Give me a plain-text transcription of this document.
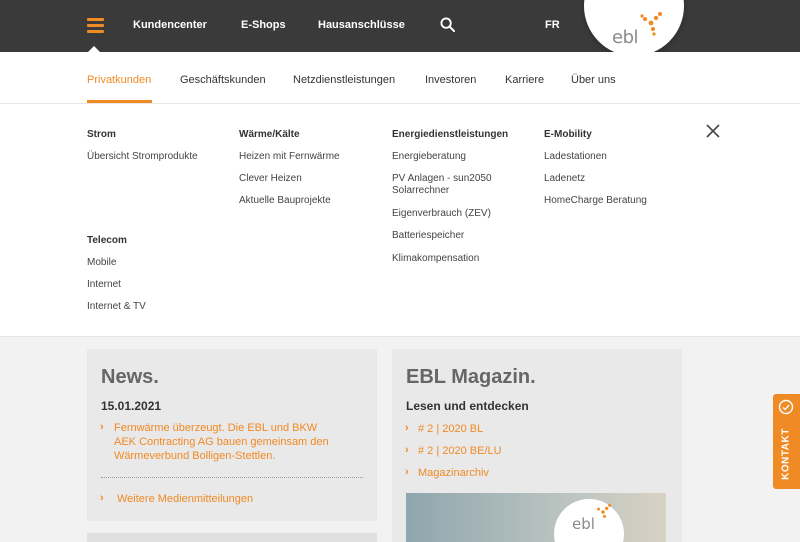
Kundencenter	E-Shops	Hausanschlüsse	FR
ebl
Privatkunden	Geschäftskunden Netzdienstleistungen	Investoren	Karriere Über uns
Strom
Übersicht Stromprodukte
Telecom
Mobile
Internet
Internet & TV
Wärme/Kälte
Heizen mit Fernwärme
Clever Heizen
Aktuelle Bauprojekte
Energiedienstleistungen
Energieberatung
PV Anlagen - sun2050
Solarrechner
Eigenverbrauch (ZEV)
Batteriespeicher
Klimakompensation
E-Mobility
Ladestationen
Ladenetz
HomeCharge Beratung
News.
15.01.2021
› Fernwärme überzeugt. Die EBL und BKW
AEK Contracting AG bauen gemeinsam den
Wärmeverbund Bolligen-Stettlen.
› Weitere Medienmitteilungen
EBL Magazin.
Lesen und entdecken
› # 2 | 2020 BL
› # 2 | 2020 BE/LU
› Magazinarchiv
ebl
KONTAKT
